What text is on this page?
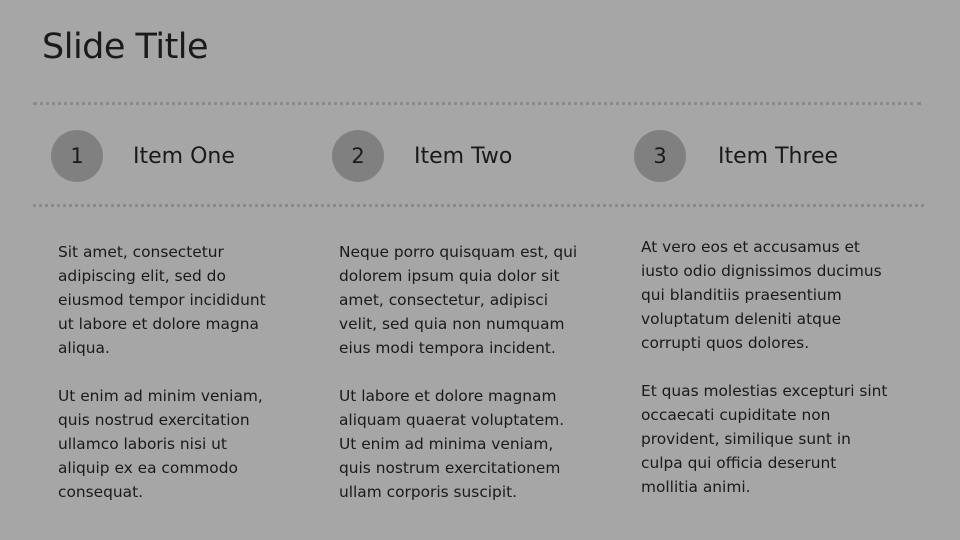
Slide Title
1	Item One	2	Item Two	3	Item Three

Sit amet, consectetur
adipiscing elit, sed do
eiusmod tempor incididunt
ut labore et dolore magna
aliqua.

Ut enim ad minim veniam,
quis nostrud exercitation
ullamco laboris nisi ut
aliquip ex ea commodo
consequat.

Neque porro quisquam est, qui
dolorem ipsum quia dolor sit
amet, consectetur, adipisci
velit, sed quia non numquam
eius modi tempora incident.

Ut labore et dolore magnam
aliquam quaerat voluptatem.
Ut enim ad minima veniam,
quis nostrum exercitationem
ullam corporis suscipit.

At vero eos et accusamus et
iusto odio dignissimos ducimus
qui blanditiis praesentium
voluptatum deleniti atque
corrupti quos dolores.

Et quas molestias excepturi sint
occaecati cupiditate non
provident, similique sunt in
culpa qui officia deserunt
mollitia animi.
